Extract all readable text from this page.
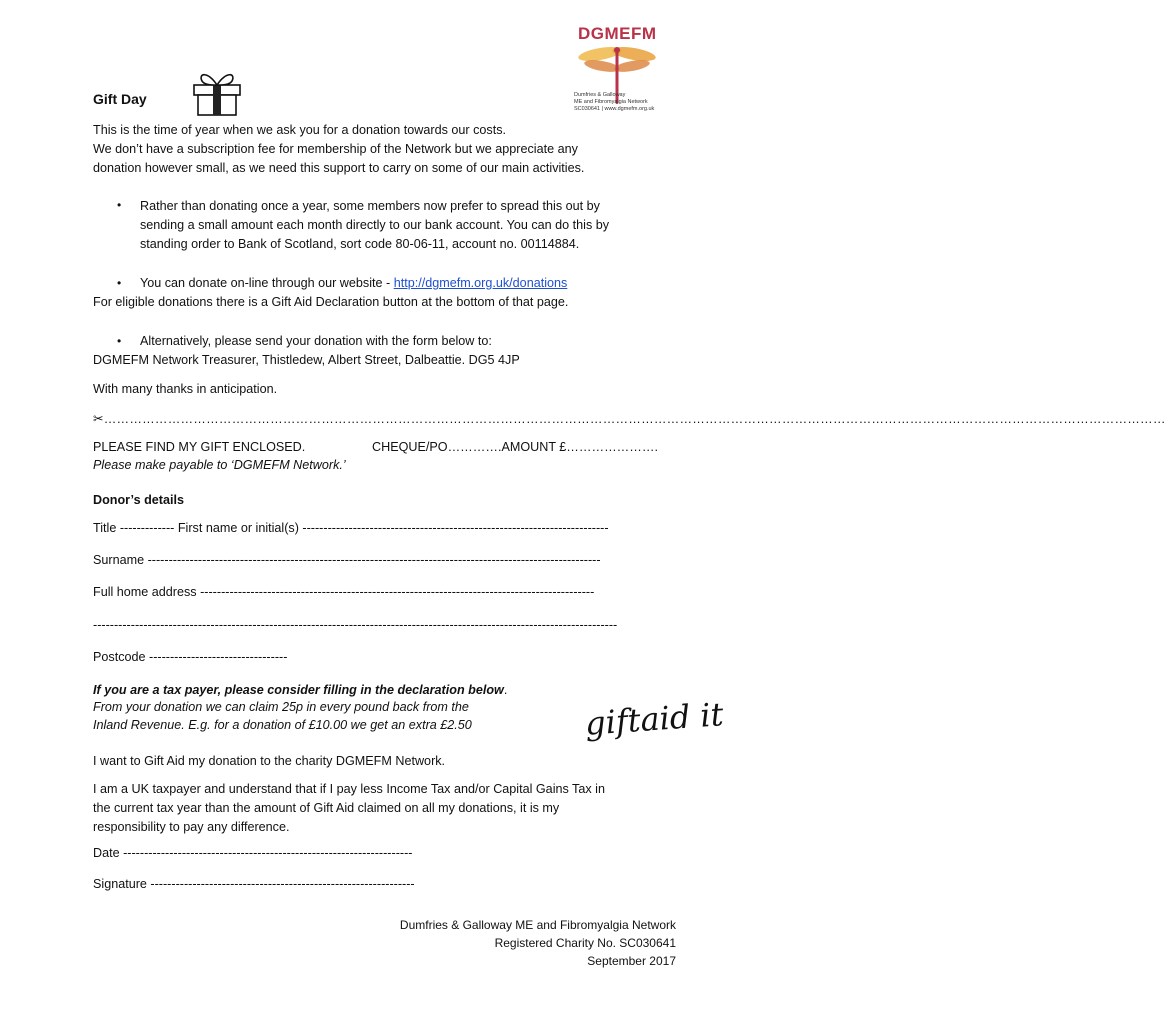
DGMEFM
Dumfries & Galloway
ME and Fibromyalgia Network
SC030641 | www.dgmefm.org.uk
Gift Day
This is the time of year when we ask you for a donation towards our costs.
We don’t have a subscription fee for membership of the Network but we appreciate any
donation however small, as we need this support to carry on some of our main activities.
• Rather than donating once a year, some members now prefer to spread this out by
sending a small amount each month directly to our bank account. You can do this by
standing order to Bank of Scotland, sort code 80-06-11, account no. 00114884.
• You can donate on-line through our website - http://dgmefm.org.uk/donations
For eligible donations there is a Gift Aid Declaration button at the bottom of that page.
• Alternatively, please send your donation with the form below to:
DGMEFM Network Treasurer, Thistledew, Albert Street, Dalbeattie. DG5 4JP
With many thanks in anticipation.
✂……………………………………………………………………………………………………………………………………………………………………………………………………………………………
PLEASE FIND MY GIFT ENCLOSED.	CHEQUE/PO………….AMOUNT £………………….
Please make payable to ‘DGMEFM Network.’
Donor’s details
Title ------------- First name or initial(s) -------------------------------------------------------------------------
Surname ------------------------------------------------------------------------------------------------------------
Full home address ----------------------------------------------------------------------------------------------
-----------------------------------------------------------------------------------------------------------------------------
Postcode ---------------------------------
If you are a tax payer, please consider filling in the declaration below.
From your donation we can claim 25p in every pound back from the
Inland Revenue. E.g. for a donation of £10.00 we get an extra £2.50	giftaid it
I want to Gift Aid my donation to the charity DGMEFM Network.
I am a UK taxpayer and understand that if I pay less Income Tax and/or Capital Gains Tax in
the current tax year than the amount of Gift Aid claimed on all my donations, it is my
responsibility to pay any difference.
Date ---------------------------------------------------------------------
Signature ---------------------------------------------------------------
Dumfries & Galloway ME and Fibromyalgia Network
Registered Charity No. SC030641
September 2017
